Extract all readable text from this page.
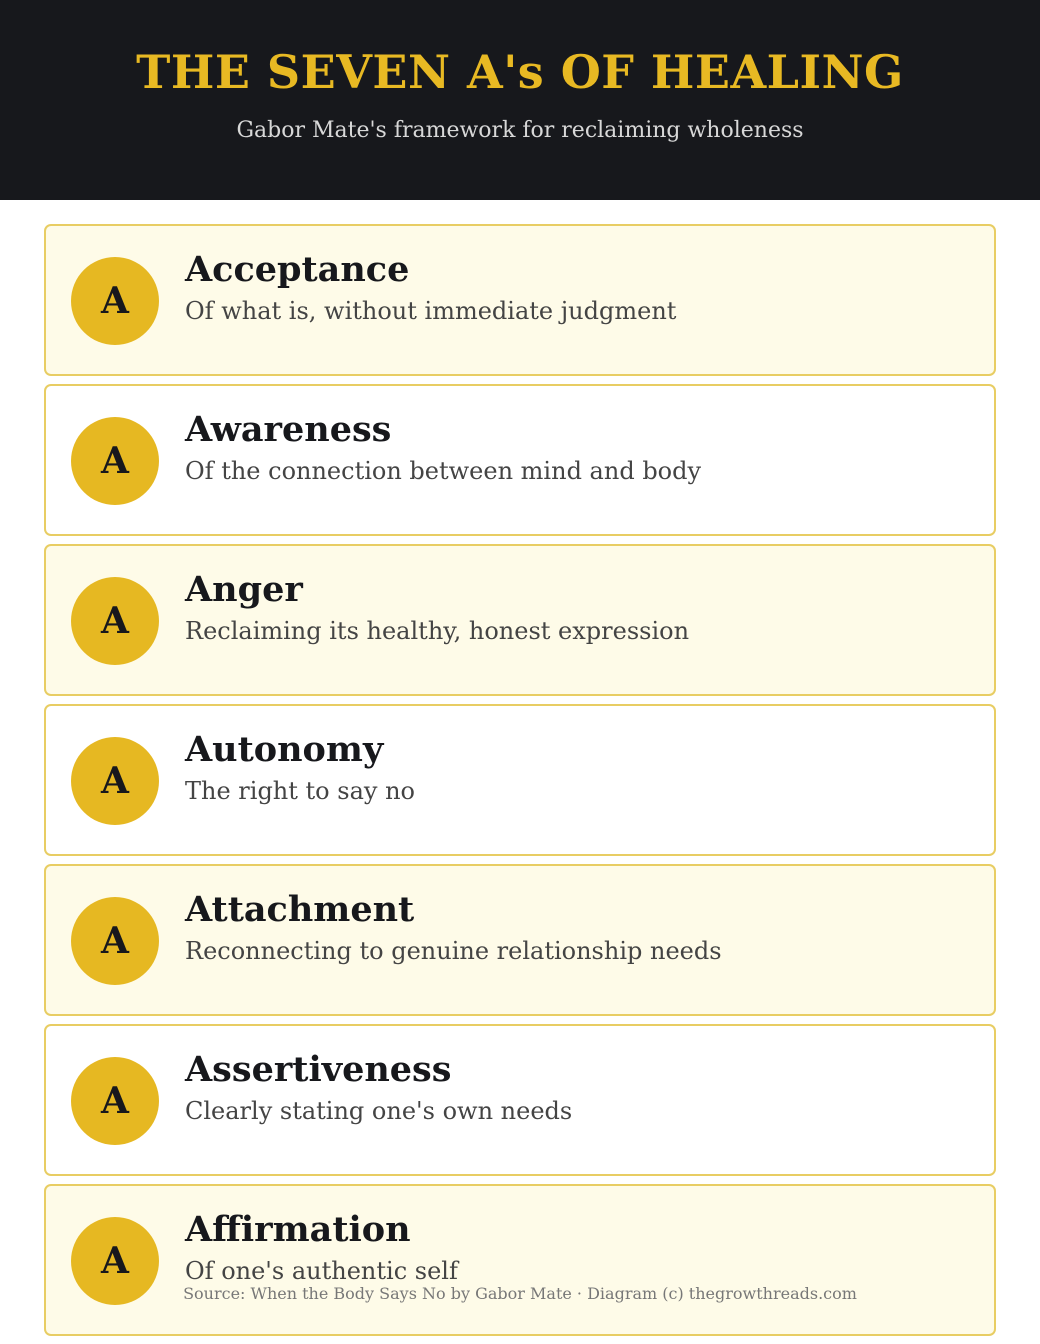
THE SEVEN A's OF HEALING
Gabor Mate's framework for reclaiming wholeness
A
Acceptance
Of what is, without immediate judgment
A
Awareness
Of the connection between mind and body
A
Anger
Reclaiming its healthy, honest expression
A
Autonomy
The right to say no
A
Attachment
Reconnecting to genuine relationship needs
A
Assertiveness
Clearly stating one's own needs
A
Affirmation
Of one's authentic self
Source: When the Body Says No by Gabor Mate · Diagram (c) thegrowthreads.com
